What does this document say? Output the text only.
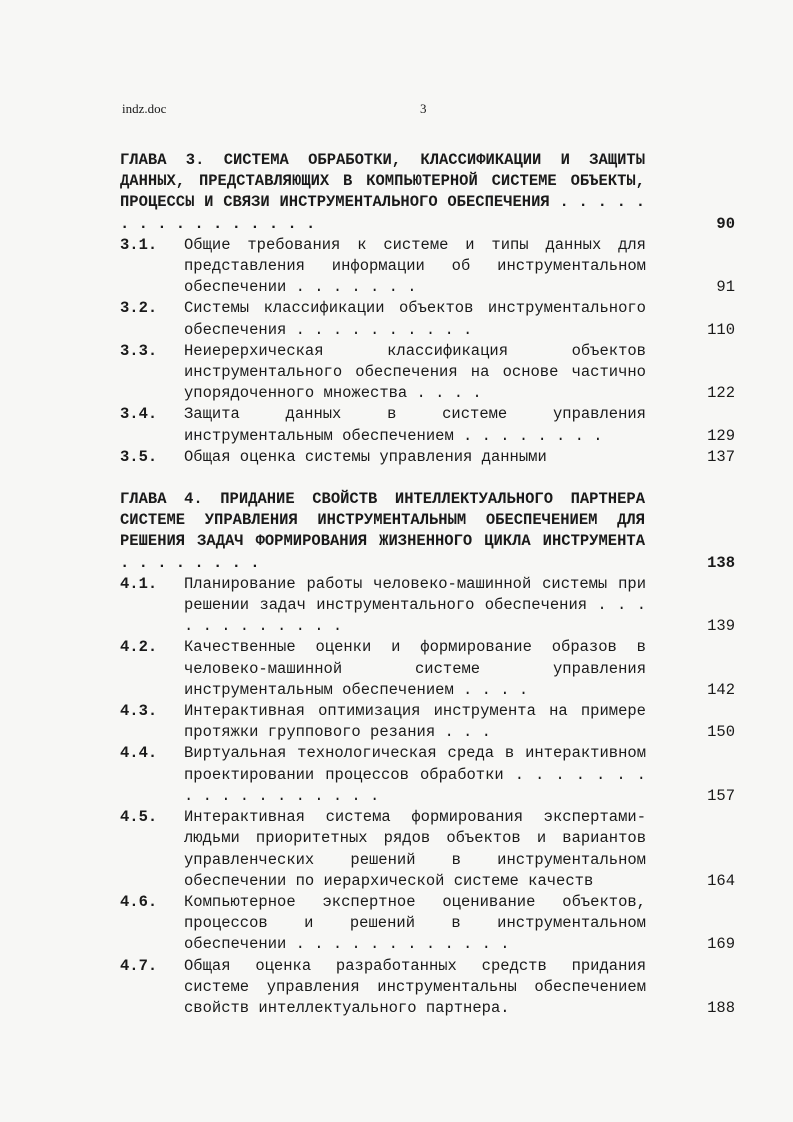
indz.doc	3
ГЛАВА 3. СИСТЕМА ОБРАБОТКИ, КЛАССИФИКАЦИИ И ЗАЩИТЫ ДАННЫХ, ПРЕДСТАВЛЯЮЩИХ В КОМПЬЮТЕРНОЙ СИСТЕМЕ ОБЪЕКТЫ, ПРОЦЕССЫ И СВЯЗИ ИНСТРУМЕНТАЛЬНОГО ОБЕСПЕЧЕНИЯ . . . . . . . . . . . . . . . .	90
3.1. Общие требования к системе и типы данных для представления информации об инструментальном обеспечении . . . . . . .	91
3.2. Системы классификации объектов инструментального обеспечения . . . . . . . . . .	110
3.3. Неиерерхическая классификация объектов инструментального обеспечения на основе частично упорядоченного множества . . . .	122
3.4. Защита данных в системе управления инструментальным обеспечением . . . . . . . .	129
3.5. Общая оценка системы управления данными	137
ГЛАВА 4. ПРИДАНИЕ СВОЙСТВ ИНТЕЛЛЕКТУАЛЬНОГО ПАРТНЕРА СИСТЕМЕ УПРАВЛЕНИЯ ИНСТРУМЕНТАЛЬНЫМ ОБЕСПЕЧЕНИЕМ ДЛЯ РЕШЕНИЯ ЗАДАЧ ФОРМИРОВАНИЯ ЖИЗНЕННОГО ЦИКЛА ИНСТРУМЕНТА . . . . . . . .	138
4.1. Планирование работы человеко-машинной системы при решении задач инструментального обеспечения . . . . . . . . . . . .	139
4.2. Качественные оценки и формирование образов в человеко-машинной системе управления инструментальным обеспечением . . . .	142
4.3. Интерактивная оптимизация инструмента на примере протяжки группового резания . . .	150
4.4. Виртуальная технологическая среда в интерактивном проектировании процессов обработки . . . . . . . . . . . . . . . . . .	157
4.5. Интерактивная система формирования экспертами-людьми приоритетных рядов объектов и вариантов управленческих решений в инструментальном обеспечении по иерархической системе качеств	164
4.6. Компьютерное экспертное оценивание объектов, процессов и решений в инструментальном обеспечении . . . . . . . . . . . .	169
4.7. Общая оценка разработанных средств придания системе управления инструментальны обеспечением свойств интеллектуального партнера.	188
